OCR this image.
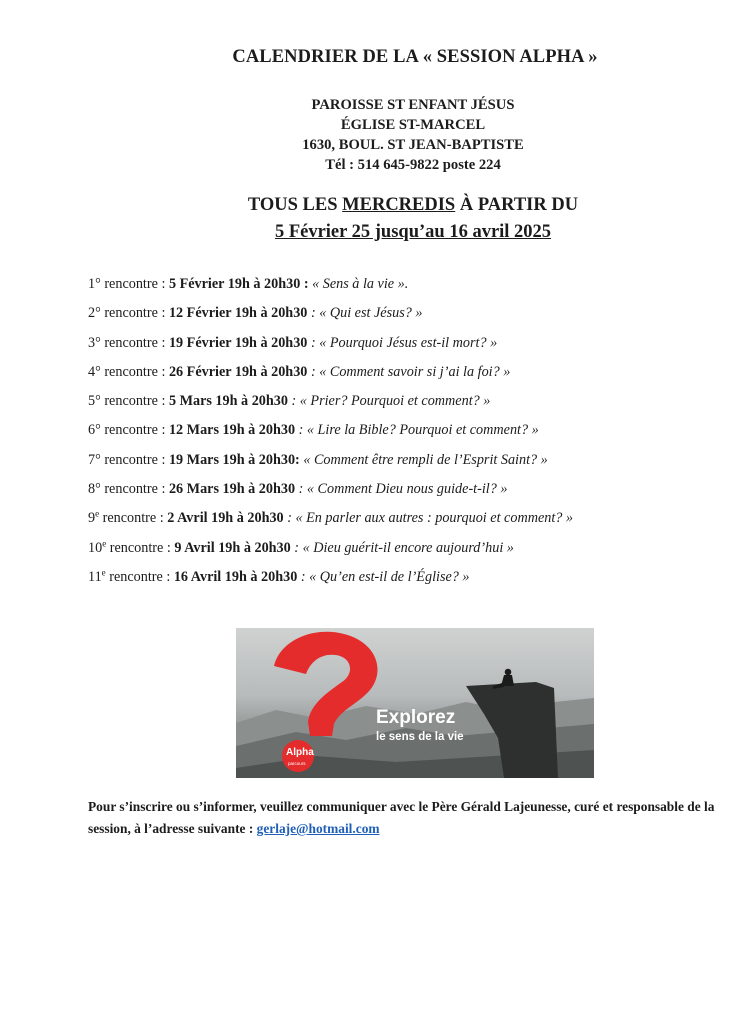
CALENDRIER DE LA « SESSION ALPHA »
PAROISSE ST ENFANT JÉSUS
ÉGLISE ST-MARCEL
1630, BOUL. ST JEAN-BAPTISTE
Tél : 514 645-9822 poste 224
TOUS LES MERCREDIS À PARTIR DU
5 Février 25 jusqu’au 16 avril 2025
1° rencontre : 5 Février 19h à 20h30 : « Sens à la vie ».
2° rencontre : 12 Février 19h à 20h30 : « Qui est Jésus? »
3° rencontre : 19 Février 19h à 20h30 : « Pourquoi Jésus est-il mort? »
4° rencontre : 26 Février 19h à 20h30 : « Comment savoir si j’ai la foi? »
5° rencontre : 5 Mars 19h à 20h30 : « Prier? Pourquoi et comment? »
6° rencontre : 12 Mars 19h à 20h30 : « Lire la Bible? Pourquoi et comment? »
7° rencontre : 19 Mars 19h à 20h30: « Comment être rempli de l’Esprit Saint? »
8° rencontre : 26 Mars 19h à 20h30 : « Comment Dieu nous guide-t-il? »
9e rencontre : 2 Avril 19h à 20h30 : « En parler aux autres : pourquoi et comment? »
10e rencontre : 9 Avril 19h à 20h30 : « Dieu guérit-il encore aujourd’hui »
11e rencontre : 16 Avril 19h à 20h30 : « Qu’en est-il de l’Église? »
Explorez
le sens de la vie
Alpha
parcours
Pour s’inscrire ou s’informer, veuillez communiquer avec le Père Gérald Lajeunesse, curé et responsable de la session, à l’adresse suivante : gerlaje@hotmail.com
